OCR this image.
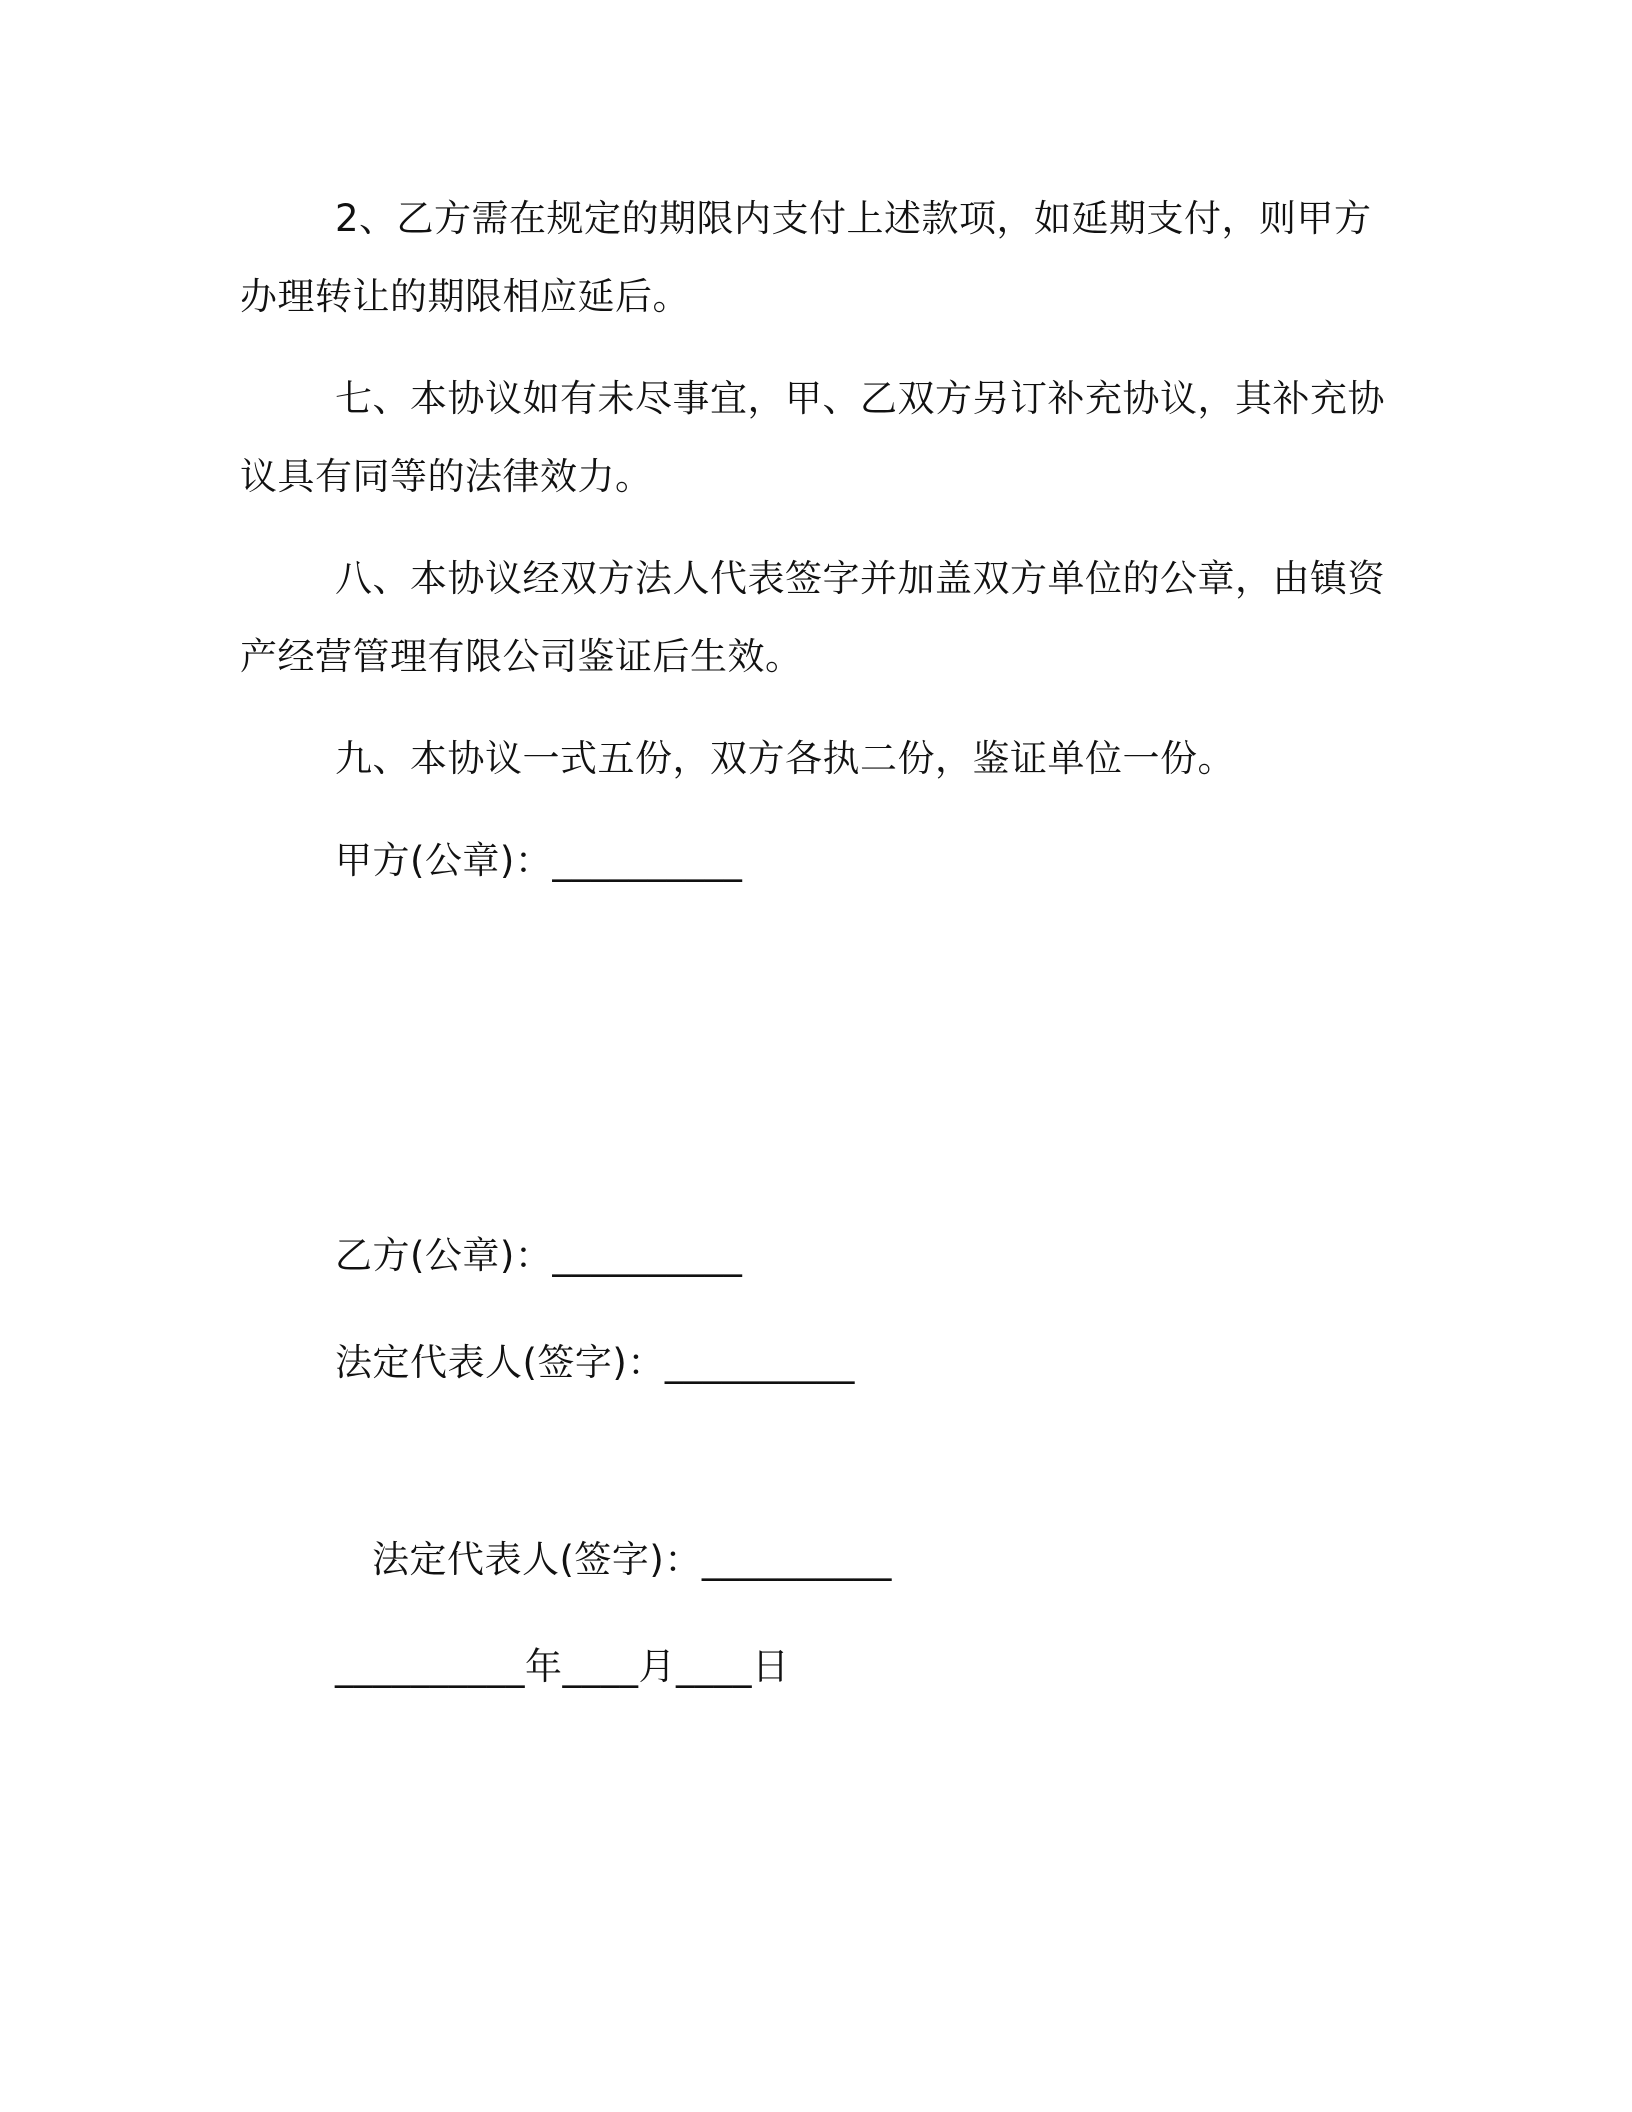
2、乙方需在规定的期限内支付上述款项，如延期支付，则甲方

办理转让的期限相应延后。

七、本协议如有未尽事宜，甲、乙双方另订补充协议，其补充协

议具有同等的法律效力。

八、本协议经双方法人代表签字并加盖双方单位的公章，由镇资

产经营管理有限公司鉴证后生效。

九、本协议一式五份，双方各执二份，鉴证单位一份。

甲方(公章)：__________

乙方(公章)：__________

法定代表人(签字)：__________

法定代表人(签字)：__________

__________年____月____日
